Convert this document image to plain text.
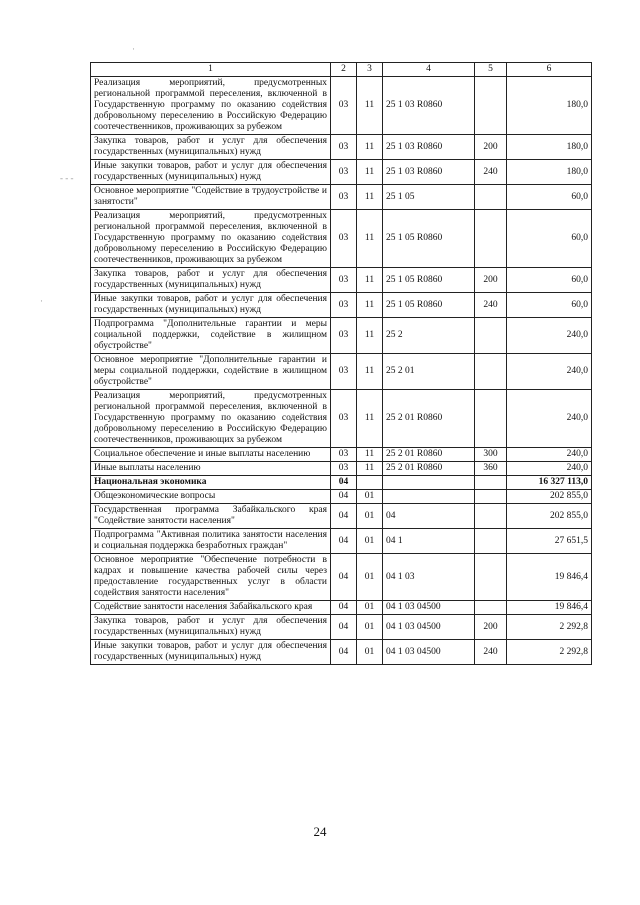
·
- - -
·
1	2	3	4	5	6
Реализация мероприятий, предусмотренных региональной программой переселения, включенной в Государственную программу по оказанию содействия добровольному переселению в Российскую Федерацию соотечественников, проживающих за рубежом	03	11	25 1 03 R0860		180,0
Закупка товаров, работ и услуг для обеспечения государственных (муниципальных) нужд	03	11	25 1 03 R0860	200	180,0
Иные закупки товаров, работ и услуг для обеспечения государственных (муниципальных) нужд	03	11	25 1 03 R0860	240	180,0
Основное мероприятие "Содействие в трудоустройстве и занятости"	03	11	25 1 05		60,0
Реализация мероприятий, предусмотренных региональной программой переселения, включенной в Государственную программу по оказанию содействия добровольному переселению в Российскую Федерацию соотечественников, проживающих за рубежом	03	11	25 1 05 R0860		60,0
Закупка товаров, работ и услуг для обеспечения государственных (муниципальных) нужд	03	11	25 1 05 R0860	200	60,0
Иные закупки товаров, работ и услуг для обеспечения государственных (муниципальных) нужд	03	11	25 1 05 R0860	240	60,0
Подпрограмма "Дополнительные гарантии и меры социальной поддержки, содействие в жилищном обустройстве"	03	11	25 2		240,0
Основное мероприятие "Дополнительные гарантии и меры социальной поддержки, содействие в жилищном обустройстве"	03	11	25 2 01		240,0
Реализация мероприятий, предусмотренных региональной программой переселения, включенной в Государственную программу по оказанию содействия добровольному переселению в Российскую Федерацию соотечественников, проживающих за рубежом	03	11	25 2 01 R0860		240,0
Социальное обеспечение и иные выплаты населению	03	11	25 2 01 R0860	300	240,0
Иные выплаты населению	03	11	25 2 01 R0860	360	240,0
Национальная экономика	04				16 327 113,0
Общеэкономические вопросы	04	01			202 855,0
Государственная программа Забайкальского края "Содействие занятости населения"	04	01	04		202 855,0
Подпрограмма "Активная политика занятости населения и социальная поддержка безработных граждан"	04	01	04 1		27 651,5
Основное мероприятие "Обеспечение потребности в кадрах и повышение качества рабочей силы через предоставление государственных услуг в области содействия занятости населения"	04	01	04 1 03		19 846,4
Содействие занятости населения Забайкальского края	04	01	04 1 03 04500		19 846,4
Закупка товаров, работ и услуг для обеспечения государственных (муниципальных) нужд	04	01	04 1 03 04500	200	2 292,8
Иные закупки товаров, работ и услуг для обеспечения государственных (муниципальных) нужд	04	01	04 1 03 04500	240	2 292,8
24
